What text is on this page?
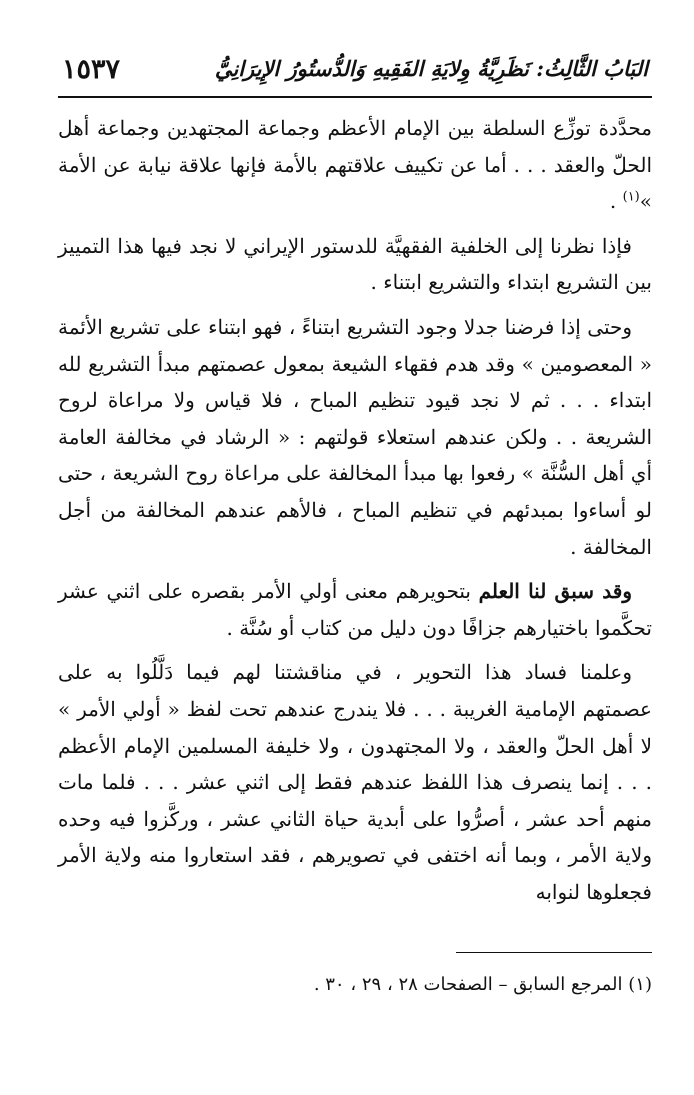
البَابُ الثَّالِثُ: نَظَرِيَّةُ وِلايَةِ الفَقِيهِ وَالدُّستُورُ الإِيرَانِيُّ
١٥٣٧

محدَّدة توزِّع السلطة بين الإمام الأعظم وجماعة المجتهدين وجماعة أهل الحلّ والعقد . . . أما عن تكييف علاقتهم بالأمة فإنها علاقة نيابة عن الأمة »$^{(١)}$ .

فإذا نظرنا إلى الخلفية الفقهيَّة للدستور الإيراني لا نجد فيها هذا التمييز بين التشريع ابتداء والتشريع ابتناء .

وحتى إذا فرضنا جدلا وجود التشريع ابتناءً ، فهو ابتناء على تشريع الأئمة « المعصومين » وقد هدم فقهاء الشيعة بمعول عصمتهم مبدأ التشريع لله ابتداء . . . ثم لا نجد قيود تنظيم المباح ، فلا قياس ولا مراعاة لروح الشريعة . . ولكن عندهم استعلاء قولتهم : « الرشاد في مخالفة العامة أي أهل السُّنَّة » رفعوا بها مبدأ المخالفة على مراعاة روح الشريعة ، حتى لو أساءوا بمبدئهم في تنظيم المباح ، فالأهم عندهم المخالفة من أجل المخالفة .

وقد سبق لنا العلم بتحويرهم معنى أولي الأمر بقصره على اثني عشر تحكَّموا باختيارهم جزافًا دون دليل من كتاب أو سُنَّة .

وعلمنا فساد هذا التحوير ، في مناقشتنا لهم فيما دَلَّلُوا به على عصمتهم الإمامية الغريبة . . . فلا يندرج عندهم تحت لفظ « أولي الأمر » لا أهل الحلّ والعقد ، ولا المجتهدون ، ولا خليفة المسلمين الإمام الأعظم . . . إنما ينصرف هذا اللفظ عندهم فقط إلى اثني عشر . . . فلما مات منهم أحد عشر ، أصرُّوا على أبدية حياة الثاني عشر ، وركَّزوا فيه وحده ولاية الأمر ، وبما أنه اختفى في تصويرهم ، فقد استعاروا منه ولاية الأمر فجعلوها لنوابه

(١) المرجع السابق – الصفحات ٢٨ ، ٢٩ ، ٣٠ .
